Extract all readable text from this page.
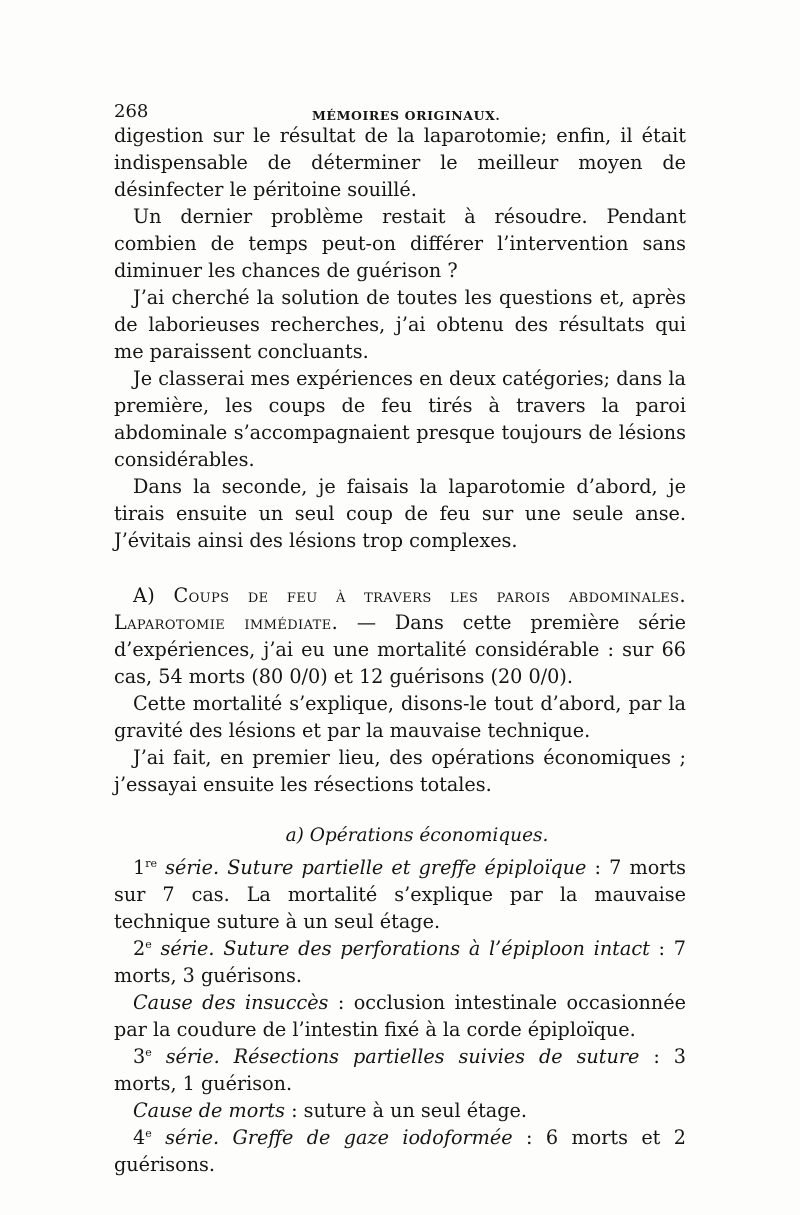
268	MÉMOIRES ORIGINAUX.

digestion sur le résultat de la laparotomie; enfin, il était indispensable de déterminer le meilleur moyen de désinfecter le péritoine souillé.

Un dernier problème restait à résoudre. Pendant combien de temps peut-on différer l’intervention sans diminuer les chances de guérison ?

J’ai cherché la solution de toutes les questions et, après de laborieuses recherches, j’ai obtenu des résultats qui me paraissent concluants.

Je classerai mes expériences en deux catégories; dans la première, les coups de feu tirés à travers la paroi abdominale s’accompagnaient presque toujours de lésions considérables.

Dans la seconde, je faisais la laparotomie d’abord, je tirais ensuite un seul coup de feu sur une seule anse. J’évitais ainsi des lésions trop complexes.

A) Coups de feu à travers les parois abdominales. Laparotomie immédiate. — Dans cette première série d’expériences, j’ai eu une mortalité considérable : sur 66 cas, 54 morts (80 0/0) et 12 guérisons (20 0/0).

Cette mortalité s’explique, disons-le tout d’abord, par la gravité des lésions et par la mauvaise technique.

J’ai fait, en premier lieu, des opérations économiques ; j’essayai ensuite les résections totales.

a) Opérations économiques.

1re série. Suture partielle et greffe épiploïque : 7 morts sur 7 cas. La mortalité s’explique par la mauvaise technique suture à un seul étage.

2e série. Suture des perforations à l’épiploon intact : 7 morts, 3 guérisons.

Cause des insuccès : occlusion intestinale occasionnée par la coudure de l’intestin fixé à la corde épiploïque.

3e série. Résections partielles suivies de suture : 3 morts, 1 guérison.

Cause de morts : suture à un seul étage.

4e série. Greffe de gaze iodoformée : 6 morts et 2 guérisons.
